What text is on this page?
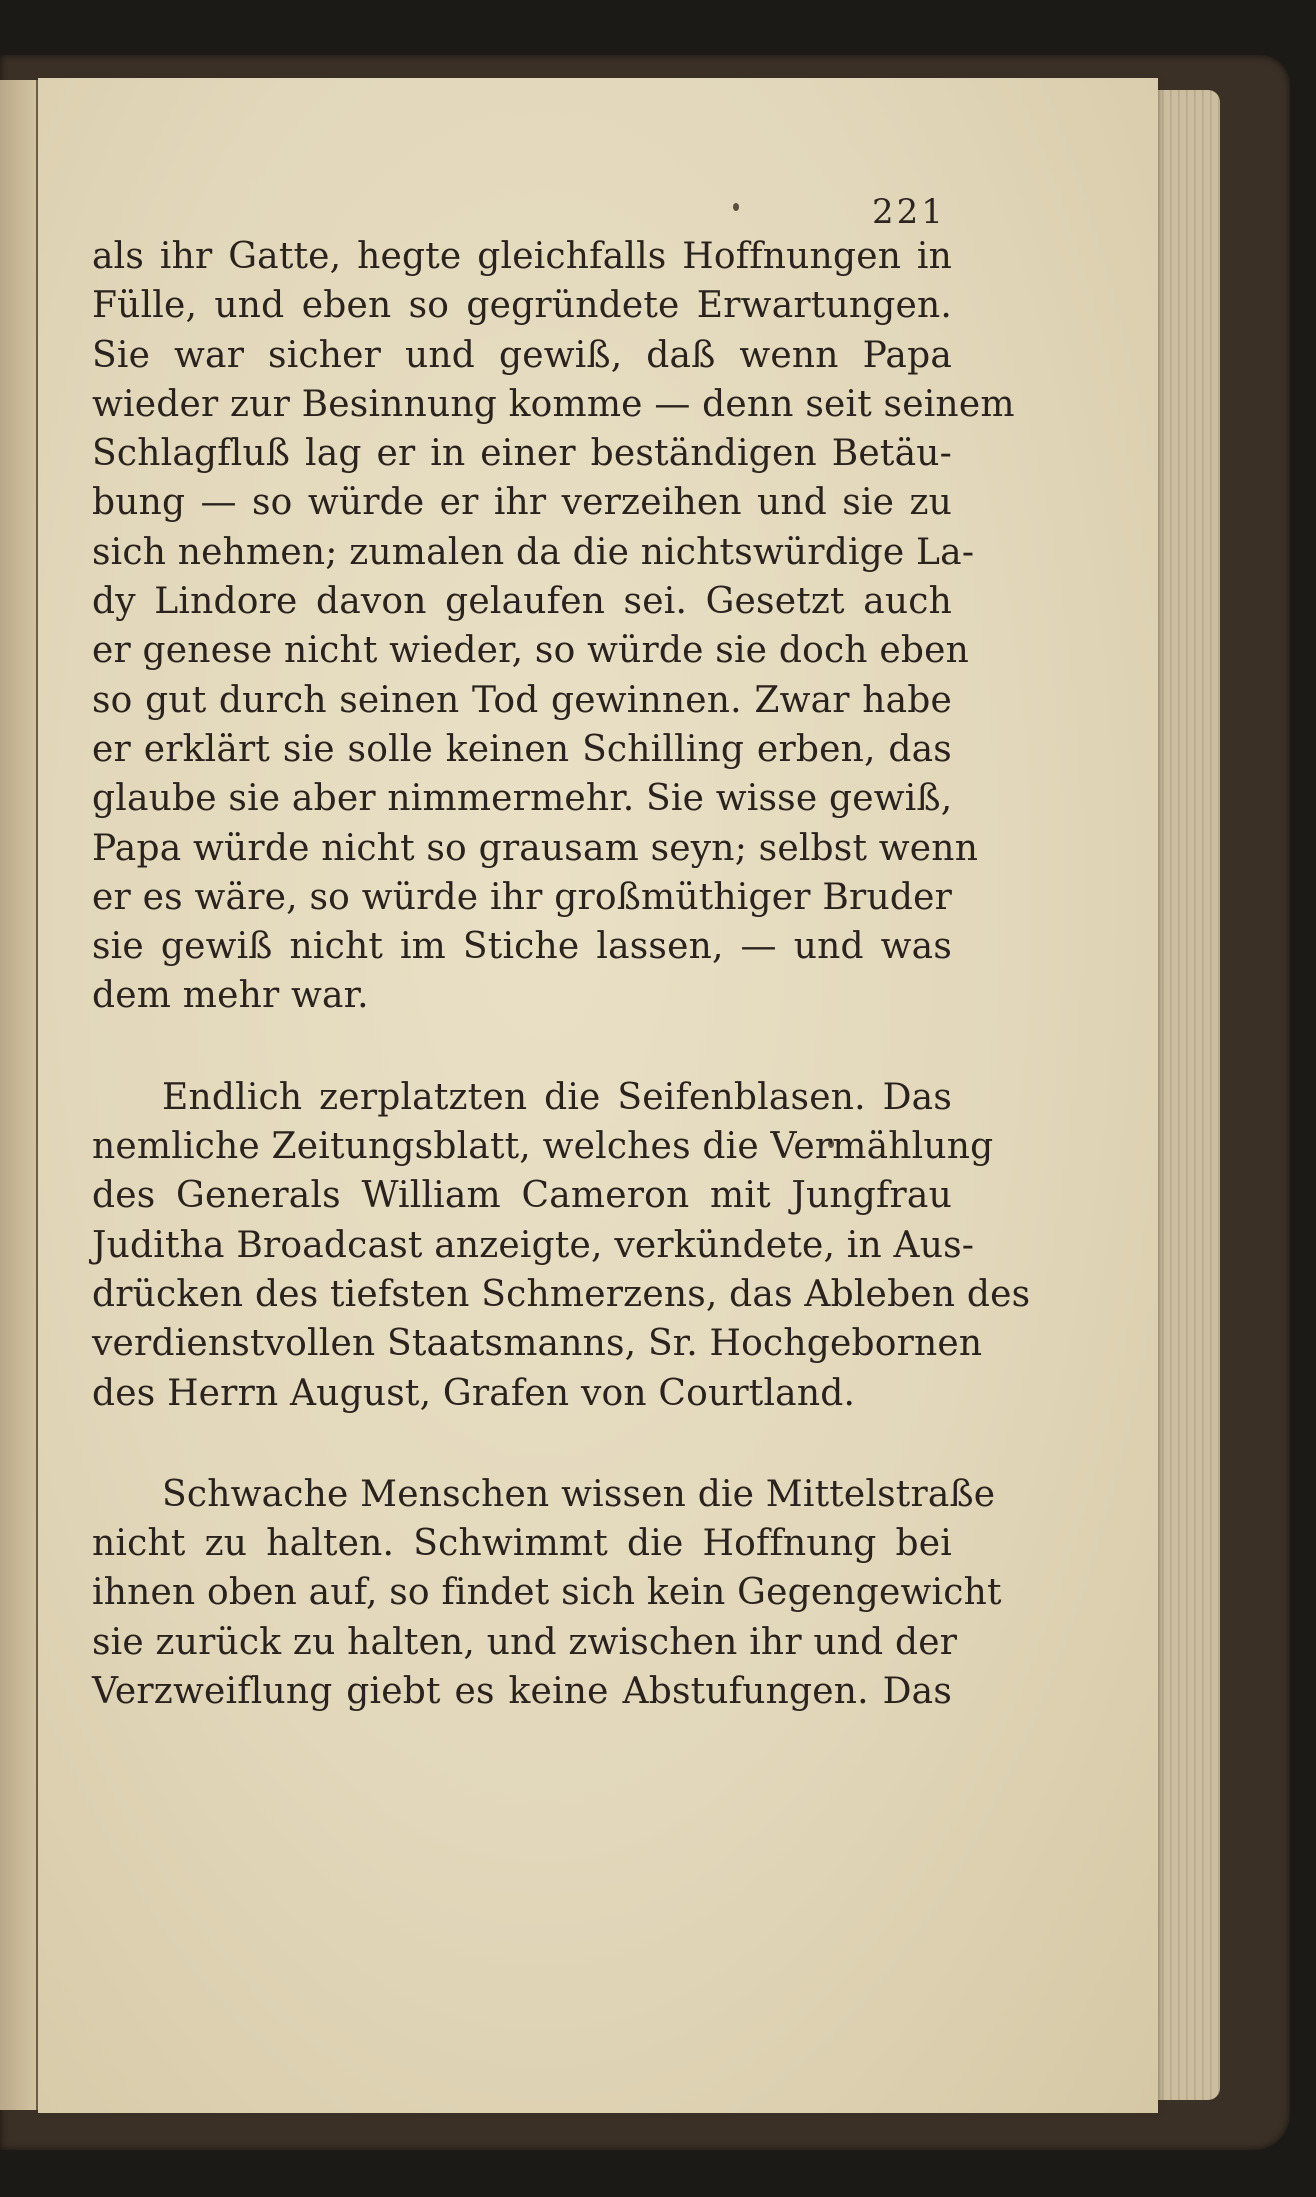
221
als ihr Gatte, hegte gleichfalls Hoffnungen in
Fülle, und eben so gegründete Erwartungen.
Sie war sicher und gewiß, daß wenn Papa
wieder zur Besinnung komme — denn seit seinem
Schlagfluß lag er in einer beständigen Betäu-
bung — so würde er ihr verzeihen und sie zu
sich nehmen; zumalen da die nichtswürdige La-
dy Lindore davon gelaufen sei. Gesetzt auch
er genese nicht wieder, so würde sie doch eben
so gut durch seinen Tod gewinnen. Zwar habe
er erklärt sie solle keinen Schilling erben, das
glaube sie aber nimmermehr. Sie wisse gewiß,
Papa würde nicht so grausam seyn; selbst wenn
er es wäre, so würde ihr großmüthiger Bruder
sie gewiß nicht im Stiche lassen, — und was
dem mehr war.
Endlich zerplatzten die Seifenblasen. Das
nemliche Zeitungsblatt, welches die Vermählung
des Generals William Cameron mit Jungfrau
Juditha Broadcast anzeigte, verkündete, in Aus-
drücken des tiefsten Schmerzens, das Ableben des
verdienstvollen Staatsmanns, Sr. Hochgebornen
des Herrn August, Grafen von Courtland.
Schwache Menschen wissen die Mittelstraße
nicht zu halten. Schwimmt die Hoffnung bei
ihnen oben auf, so findet sich kein Gegengewicht
sie zurück zu halten, und zwischen ihr und der
Verzweiflung giebt es keine Abstufungen. Das
